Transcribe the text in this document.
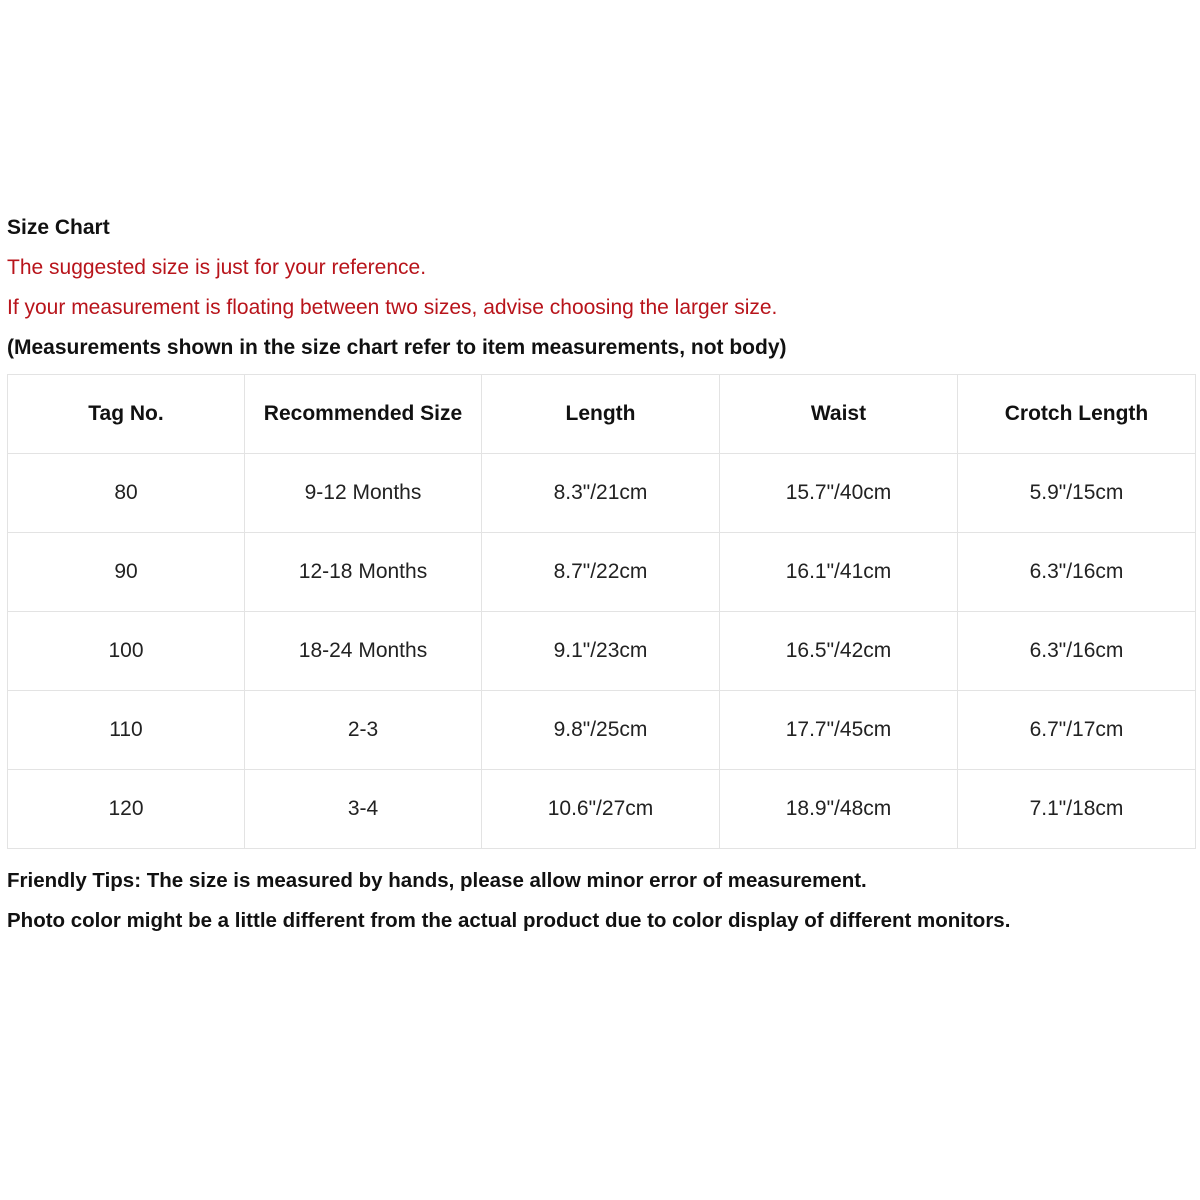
Size Chart
The suggested size is just for your reference.
If your measurement is floating between two sizes, advise choosing the larger size.
(Measurements shown in the size chart refer to item measurements, not body)
Tag No.	Recommended Size	Length	Waist	Crotch Length
80	9-12 Months	8.3"/21cm	15.7"/40cm	5.9"/15cm
90	12-18 Months	8.7"/22cm	16.1"/41cm	6.3"/16cm
100	18-24 Months	9.1"/23cm	16.5"/42cm	6.3"/16cm
110	2-3	9.8"/25cm	17.7"/45cm	6.7"/17cm
120	3-4	10.6"/27cm	18.9"/48cm	7.1"/18cm
Friendly Tips: The size is measured by hands, please allow minor error of measurement.
Photo color might be a little different from the actual product due to color display of different monitors.
